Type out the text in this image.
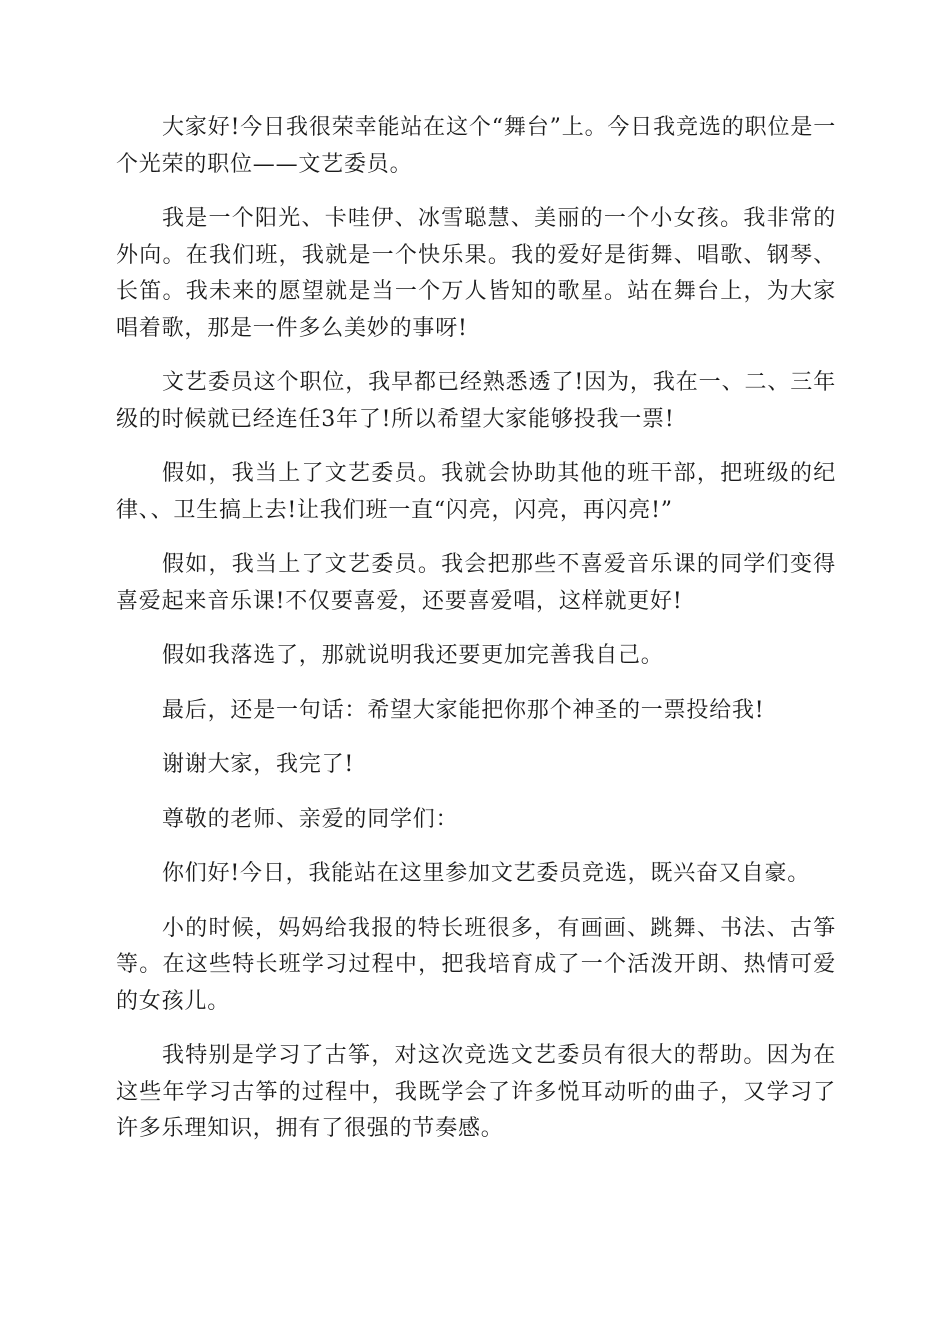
大家好!今日我很荣幸能站在这个“舞台”上。今日我竞选的职位是一个光荣的职位——文艺委员。

我是一个阳光、卡哇伊、冰雪聪慧、美丽的一个小女孩。我非常的外向。在我们班，我就是一个快乐果。我的爱好是街舞、唱歌、钢琴、长笛。我未来的愿望就是当一个万人皆知的歌星。站在舞台上，为大家唱着歌，那是一件多么美妙的事呀!

文艺委员这个职位，我早都已经熟悉透了!因为，我在一、二、三年级的时候就已经连任3年了!所以希望大家能够投我一票!

假如，我当上了文艺委员。我就会协助其他的班干部，把班级的纪律、、卫生搞上去!让我们班一直“闪亮，闪亮，再闪亮!”

假如，我当上了文艺委员。我会把那些不喜爱音乐课的同学们变得喜爱起来音乐课!不仅要喜爱，还要喜爱唱，这样就更好!

假如我落选了，那就说明我还要更加完善我自己。

最后，还是一句话：希望大家能把你那个神圣的一票投给我!

谢谢大家，我完了!

尊敬的老师、亲爱的同学们：

你们好!今日，我能站在这里参加文艺委员竞选，既兴奋又自豪。

小的时候，妈妈给我报的特长班很多，有画画、跳舞、书法、古筝等。在这些特长班学习过程中，把我培育成了一个活泼开朗、热情可爱的女孩儿。

我特别是学习了古筝，对这次竞选文艺委员有很大的帮助。因为在这些年学习古筝的过程中，我既学会了许多悦耳动听的曲子，又学习了许多乐理知识，拥有了很强的节奏感。
